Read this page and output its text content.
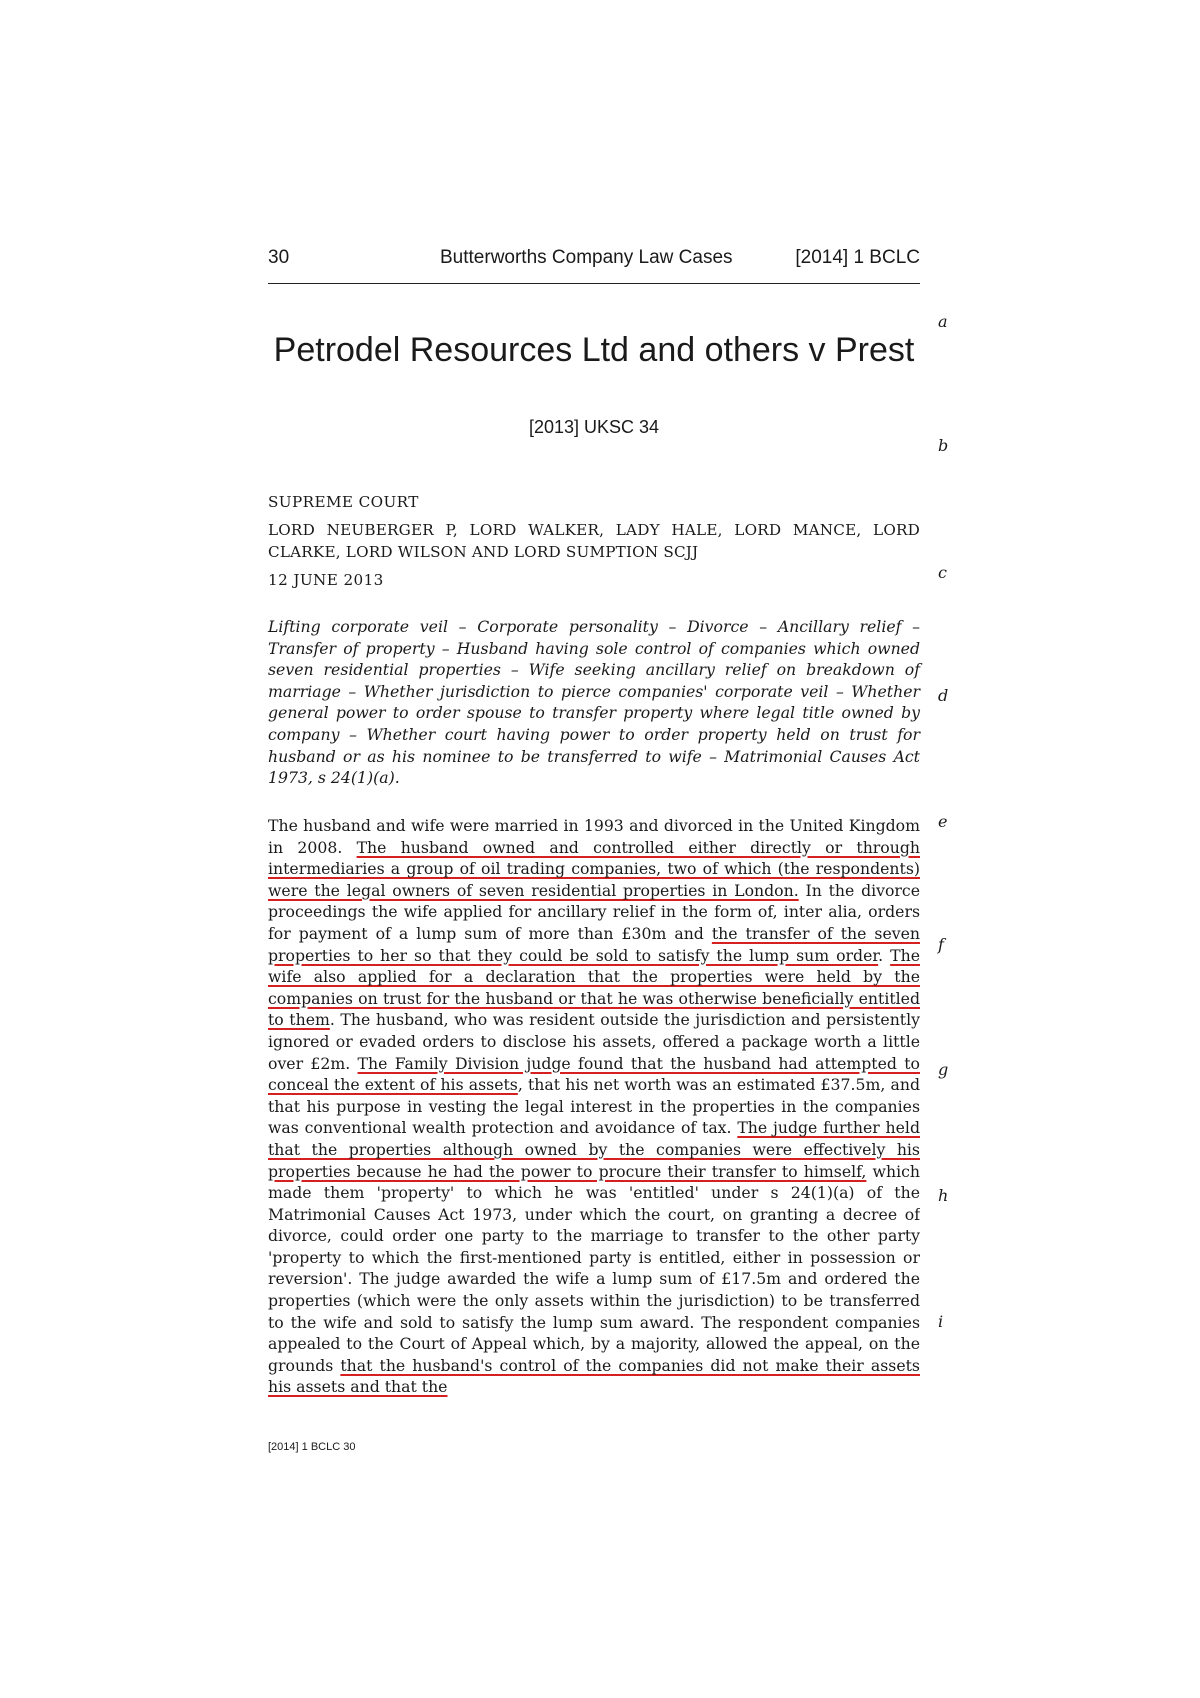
30	Butterworths Company Law Cases	[2014] 1 BCLC
Petrodel Resources Ltd and others v Prest
[2013] UKSC 34
SUPREME COURT
LORD NEUBERGER P, LORD WALKER, LADY HALE, LORD MANCE, LORD CLARKE, LORD WILSON AND LORD SUMPTION SCJJ
12 JUNE 2013
Lifting corporate veil – Corporate personality – Divorce – Ancillary relief – Transfer of property – Husband having sole control of companies which owned seven residential properties – Wife seeking ancillary relief on breakdown of marriage – Whether jurisdiction to pierce companies' corporate veil – Whether general power to order spouse to transfer property where legal title owned by company – Whether court having power to order property held on trust for husband or as his nominee to be transferred to wife – Matrimonial Causes Act 1973, s 24(1)(a).
The husband and wife were married in 1993 and divorced in the United Kingdom in 2008. The husband owned and controlled either directly or through intermediaries a group of oil trading companies, two of which (the respondents) were the legal owners of seven residential properties in London. In the divorce proceedings the wife applied for ancillary relief in the form of, inter alia, orders for payment of a lump sum of more than £30m and the transfer of the seven properties to her so that they could be sold to satisfy the lump sum order. The wife also applied for a declaration that the properties were held by the companies on trust for the husband or that he was otherwise beneficially entitled to them. The husband, who was resident outside the jurisdiction and persistently ignored or evaded orders to disclose his assets, offered a package worth a little over £2m. The Family Division judge found that the husband had attempted to conceal the extent of his assets, that his net worth was an estimated £37.5m, and that his purpose in vesting the legal interest in the properties in the companies was conventional wealth protection and avoidance of tax. The judge further held that the properties although owned by the companies were effectively his properties because he had the power to procure their transfer to himself, which made them 'property' to which he was 'entitled' under s 24(1)(a) of the Matrimonial Causes Act 1973, under which the court, on granting a decree of divorce, could order one party to the marriage to transfer to the other party 'property to which the first-mentioned party is entitled, either in possession or reversion'. The judge awarded the wife a lump sum of £17.5m and ordered the properties (which were the only assets within the jurisdiction) to be transferred to the wife and sold to satisfy the lump sum award. The respondent companies appealed to the Court of Appeal which, by a majority, allowed the appeal, on the grounds that the husband's control of the companies did not make their assets his assets and that the
a
b
c
d
e
f
g
h
i
[2014] 1 BCLC 30
